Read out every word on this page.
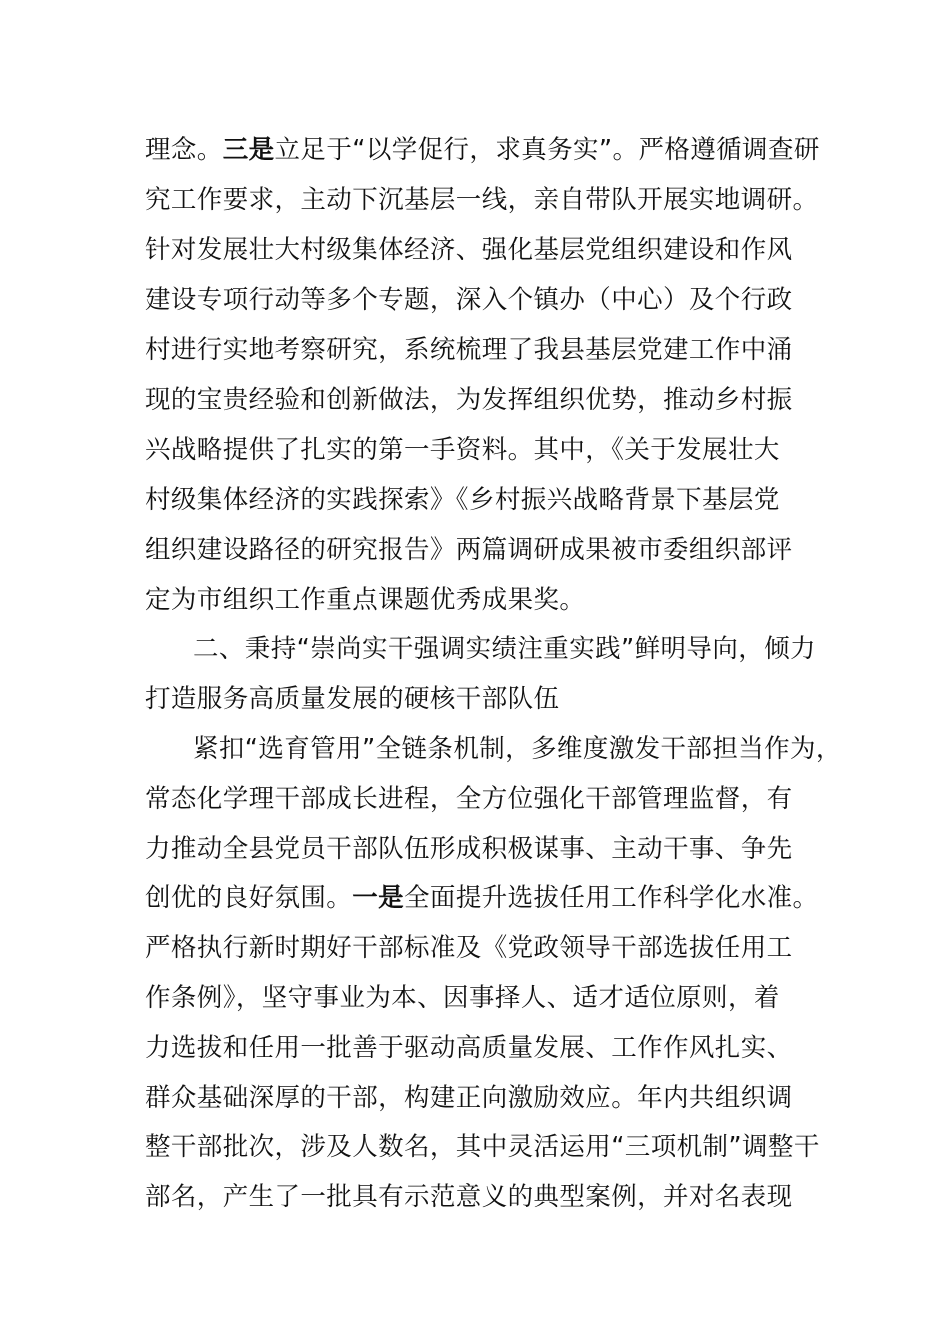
理念。三是立足于“以学促行，求真务实”。严格遵循调查研
究工作要求，主动下沉基层一线，亲自带队开展实地调研。
针对发展壮大村级集体经济、强化基层党组织建设和作风
建设专项行动等多个专题，深入个镇办（中心）及个行政
村进行实地考察研究，系统梳理了我县基层党建工作中涌
现的宝贵经验和创新做法，为发挥组织优势，推动乡村振
兴战略提供了扎实的第一手资料。其中，《关于发展壮大
村级集体经济的实践探索》《乡村振兴战略背景下基层党
组织建设路径的研究报告》两篇调研成果被市委组织部评
定为市组织工作重点课题优秀成果奖。
二、秉持“崇尚实干强调实绩注重实践”鲜明导向，倾力
打造服务高质量发展的硬核干部队伍
紧扣“选育管用”全链条机制，多维度激发干部担当作为，
常态化学理干部成长进程，全方位强化干部管理监督，有
力推动全县党员干部队伍形成积极谋事、主动干事、争先
创优的良好氛围。一是全面提升选拔任用工作科学化水准。
严格执行新时期好干部标准及《党政领导干部选拔任用工
作条例》，坚守事业为本、因事择人、适才适位原则，着
力选拔和任用一批善于驱动高质量发展、工作作风扎实、
群众基础深厚的干部，构建正向激励效应。年内共组织调
整干部批次，涉及人数名，其中灵活运用“三项机制”调整干
部名，产生了一批具有示范意义的典型案例，并对名表现
